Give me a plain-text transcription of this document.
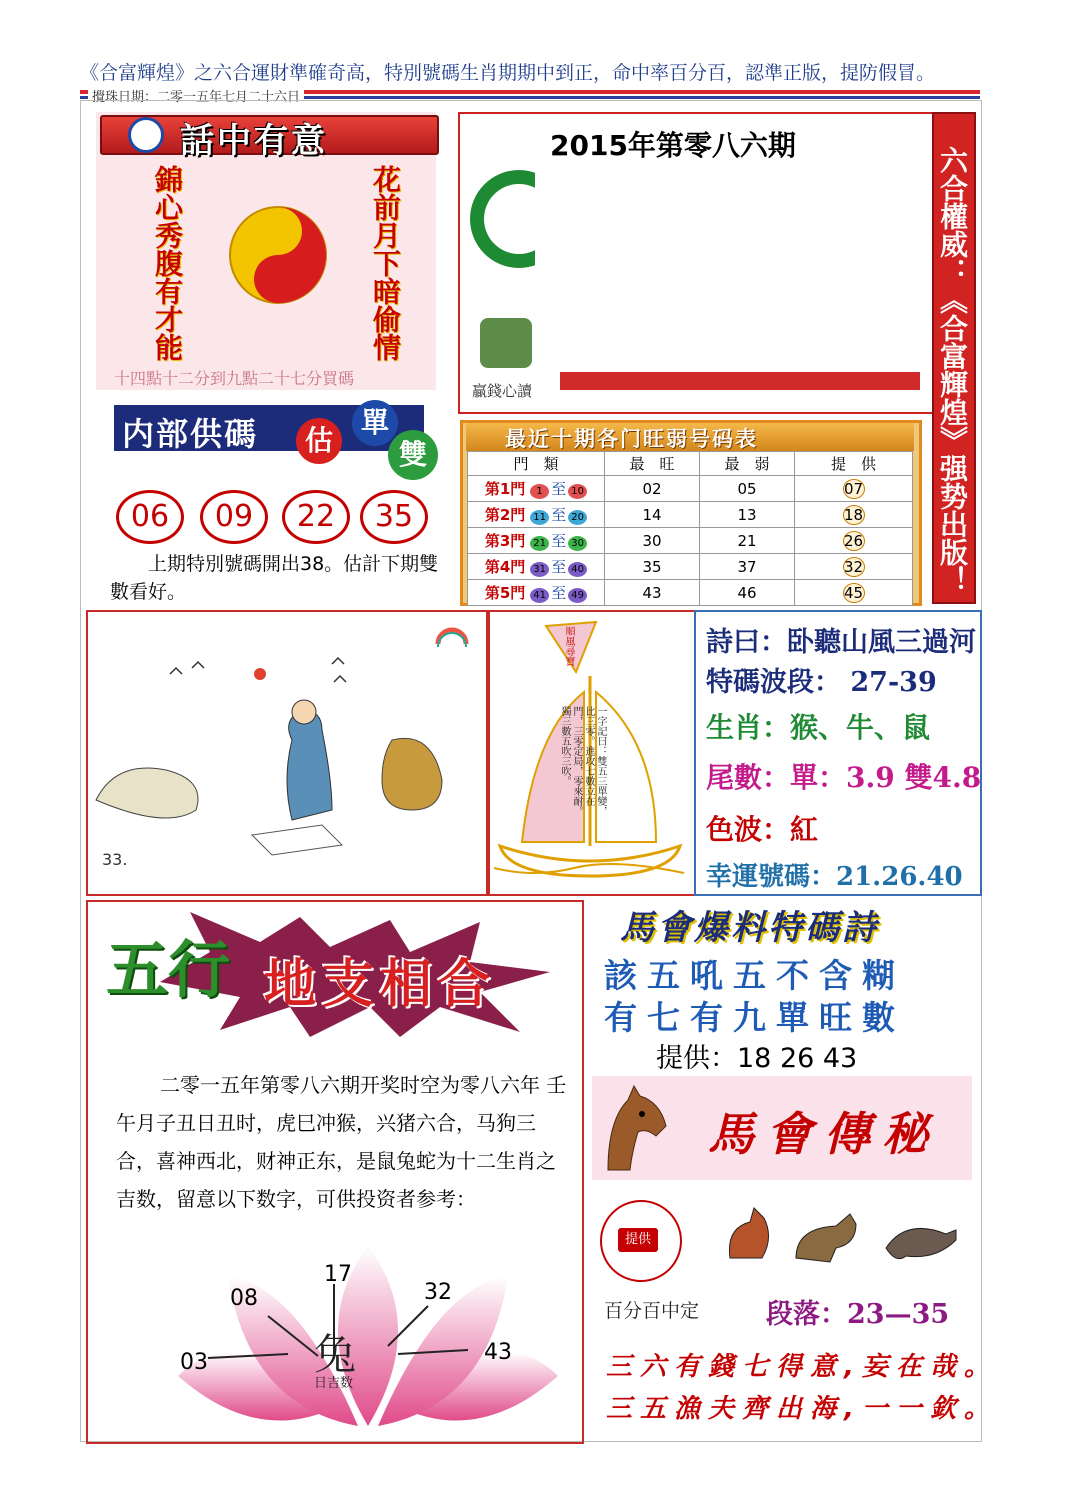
《合富輝煌》之六合運財準確奇高，特別號碼生肖期期中到正，命中率百分百，認準正版，提防假冒。
攪珠日期：二零一五年七月二十六日
話中有意
錦心秀腹有才能	花前月下暗偷情
十四點十二分到九點二十七分買碼
2015年第零八六期
贏錢心讀	六合權威：《合富輝煌》强势出版！
内部供碼	估
單
雙
06	09	22	35
上期特別號碼開出38。估計下期雙數看好。
最近十期各门旺弱号码表
門　類	最　旺	最　弱	提　供
第1門 1 至 10	02	05	07
第2門 11 至 20	14	13	18
第3門 21 至 30	30	21	26
第4門 31 至 40	35	37	32
第5門 41 至 49	43	46	45
33.
順風尋寶
一字記曰：雙五三單變，比三零。進攻七數立在門，三零定局，零來耐。獨三數五吹三吹。
詩曰：卧聽山風三過河
特碼波段： 27-39
生肖：猴、牛、鼠
尾數：單：3.9 雙4.8
色波：紅
幸運號碼：21.26.40
五行 地支相合
二零一五年第零八六期开奖时空为零八六年 壬午月子丑日丑时，虎巳冲猴，兴猪六合，马狗三合，喜神西北，财神正东，是鼠兔蛇为十二生肖之吉数，留意以下数字，可供投资者参考：
17
08	32
03	43
兔
日吉数
馬會爆料特碼詩
該五吼五不含糊
有七有九單旺數
提供：18 26 43
馬會傳秘
提供
百分百中定 段落：23—35
三六有錢七得意,妄在哉。
三五漁夫齊出海,一一欽。
